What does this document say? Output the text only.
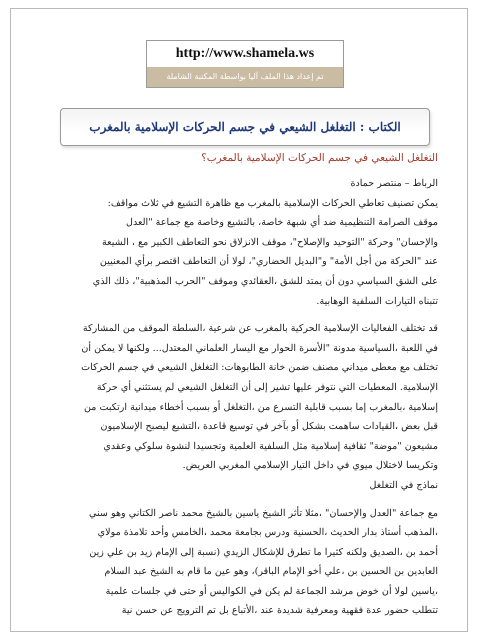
http://www.shamela.ws
تم إعداد هذا الملف آليا بواسطة المكتبة الشاملة
الكتاب : التغلغل الشيعي في جسم الحركات الإسلامية بالمغرب
التغلغل الشيعي في جسم الحركات الإسلامية بالمغرب؟

الرباط – منتصر حمادة
يمكن تصنيف تعاطي الحركات الإسلامية بالمغرب مع ظاهرة التشيع في ثلاث مواقف:
موقف الصرامة التنظيمية ضد أي شبهة خاصة، بالتشيع وخاصة مع جماعة "العدل
والإحسان" وحركة "التوحيد والإصلاح"، موقف الانزلاق نحو التعاطف الكبير مع ، الشيعة
عند "الحركة من أجل الأمة" و"البديل الحضاري"، لولا أن التعاطف اقتصر برأي المعنيين
على الشق السياسي دون أن يمتد للشق ،العقائدي وموقف "الحرب المذهبية"، ذلك الذي
تتبناه التيارات السلفية الوهابية.

قد تختلف الفعاليات الإسلامية الحركية بالمغرب عن شرعية ،السلطة الموقف من المشاركة
في اللعبة ،السياسية مدونة "الأسرة الحوار مع اليسار العلماني المعتدل... ولكنها لا يمكن أن
تختلف مع معطى ميداني مصنف ضمن خانة الطابوهات: التغلغل الشيعي في جسم الحركات
الإسلامية. المعطيات التي نتوفر عليها تشير إلى أن التغلغل الشيعي لم يستثني أي حركة
إسلامية ،بالمغرب إما بسبب قابلية التسرع من ،التغلغل أو بسبب أخطاء ميدانية ارتكبت من
قبل بعض ،القيادات ساهمت بشكل أو بآخر في توسيع قاعدة ،التشيع ليصبح الإسلاميون
مشيعون "موضة" ثقافية إسلامية مثل السلفية العلمية وتجسيدا لنشوة سلوكي وعقدي
وتكريسا لاختلال ميوي في داخل التيار الإسلامي المغربي العريض.
نماذج في التغلغل

مع جماعة "العدل والإحسان" ،مثلا تأثر الشيخ ياسين بالشيخ محمد ناصر الكتاني وهو سني
،المذهب أستاذ بدار الحديث ،الحسنية ودرس بجامعة محمد ،الخامس وأحد تلامذة مولاي
أحمد بن ،الصديق ولكنه كثيرا ما تطرق للإشكال الزيدي (نسبة إلى الإمام زيد بن علي زين
العابدين بن الحسين بن ،علي أخو الإمام الباقر)، وهو عين ما قام به الشيخ عبد السلام
،ياسين لولا أن خوض مرشد الجماعة لم يكن في الكواليس أو حتى في جلسات علمية
تتطلب حضور عدة فقهية ومعرفية شديدة عند ،الأتباع بل تم الترويج عن حسن نية
